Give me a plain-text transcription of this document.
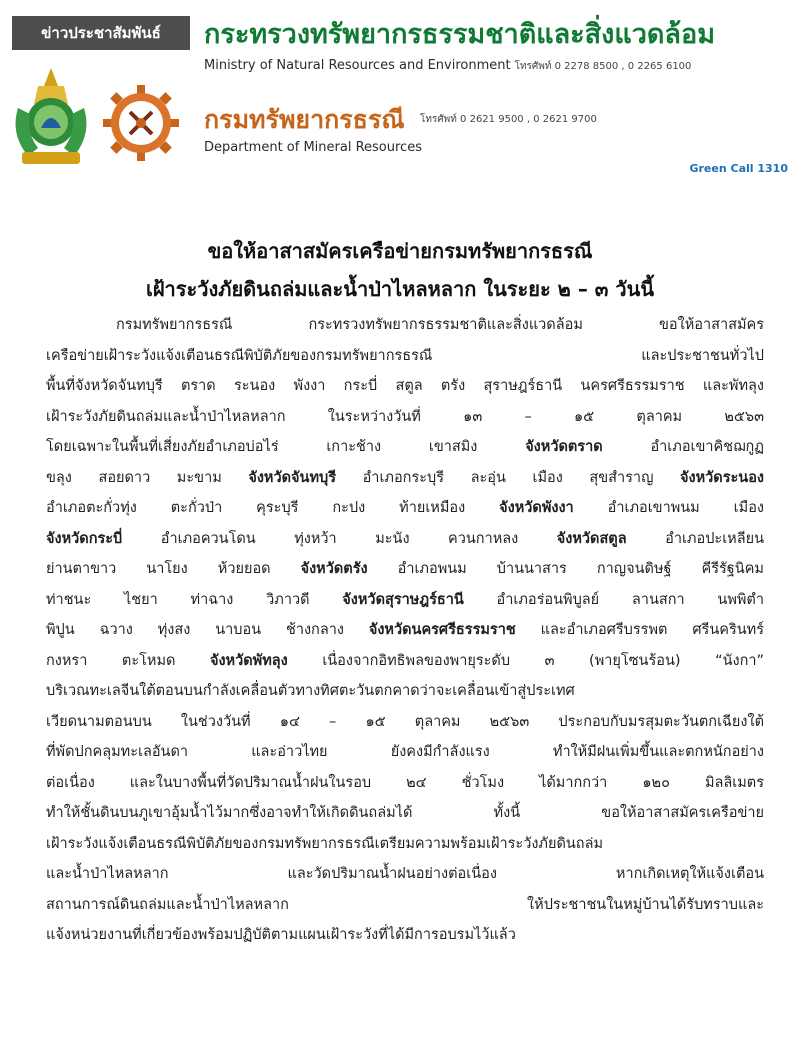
ข่าวประชาสัมพันธ์	กระทรวงทรัพยากรธรรมชาติและสิ่งแวดล้อม
Ministry of Natural Resources and Environment โทรศัพท์ 0 2278 8500 , 0 2265 6100
กรมทรัพยากรธรณี โทรศัพท์ 0 2621 9500 , 0 2621 9700
Department of Mineral Resources
Green Call 1310
ขอให้อาสาสมัครเครือข่ายกรมทรัพยากรธรณี
เฝ้าระวังภัยดินถล่มและน้ำป่าไหลหลาก ในระยะ ๒ – ๓ วันนี้
กรมทรัพยากรธรณี กระทรวงทรัพยากรธรรมชาติและสิ่งแวดล้อม ขอให้อาสาสมัคร
เครือข่ายเฝ้าระวังแจ้งเตือนธรณีพิบัติภัยของกรมทรัพยากรธรณี และประชาชนทั่วไป
พื้นที่จังหวัดจันทบุรี ตราด ระนอง พังงา กระบี่ สตูล ตรัง สุราษฎร์ธานี นครศรีธรรมราช และพัทลุง
เฝ้าระวังภัยดินถล่มและน้ำป่าไหลหลาก ในระหว่างวันที่ ๑๓ – ๑๕ ตุลาคม ๒๕๖๓
โดยเฉพาะในพื้นที่เสี่ยงภัยอำเภอบ่อไร่ เกาะช้าง เขาสมิง จังหวัดตราด อำเภอเขาคิชฌกูฏ
ขลุง สอยดาว มะขาม จังหวัดจันทบุรี อำเภอกระบุรี ละอุ่น เมือง สุขสำราญ จังหวัดระนอง
อำเภอตะกั่วทุ่ง ตะกั่วป่า คุระบุรี กะปง ท้ายเหมือง จังหวัดพังงา อำเภอเขาพนม เมือง
จังหวัดกระบี่ อำเภอควนโดน ทุ่งหว้า มะนัง ควนกาหลง จังหวัดสตูล อำเภอปะเหลียน
ย่านตาขาว นาโยง ห้วยยอด จังหวัดตรัง อำเภอพนม บ้านนาสาร กาญจนดิษฐ์ คีรีรัฐนิคม
ท่าชนะ ไชยา ท่าฉาง วิภาวดี จังหวัดสุราษฎร์ธานี อำเภอร่อนพิบูลย์ ลานสกา นพพิตำ
พิปูน ฉวาง ทุ่งสง นาบอน ช้างกลาง จังหวัดนครศรีธรรมราช และอำเภอศรีบรรพต ศรีนครินทร์
กงหรา ตะโหมด จังหวัดพัทลุง เนื่องจากอิทธิพลของพายุระดับ ๓ (พายุโซนร้อน) “นังกา”
บริเวณทะเลจีนใต้ตอนบนกำลังเคลื่อนตัวทางทิศตะวันตกคาดว่าจะเคลื่อนเข้าสู่ประเทศ
เวียดนามตอนบน ในช่วงวันที่ ๑๔ – ๑๕ ตุลาคม ๒๕๖๓ ประกอบกับมรสุมตะวันตกเฉียงใต้
ที่พัดปกคลุมทะเลอันดา และอ่าวไทย ยังคงมีกำลังแรง ทำให้มีฝนเพิ่มขึ้นและตกหนักอย่าง
ต่อเนื่อง และในบางพื้นที่วัดปริมาณน้ำฝนในรอบ ๒๔ ชั่วโมง ได้มากกว่า ๑๒๐ มิลลิเมตร
ทำให้ชั้นดินบนภูเขาอุ้มน้ำไว้มากซึ่งอาจทำให้เกิดดินถล่มได้ ทั้งนี้ ขอให้อาสาสมัครเครือข่าย
เฝ้าระวังแจ้งเตือนธรณีพิบัติภัยของกรมทรัพยากรธรณีเตรียมความพร้อมเฝ้าระวังภัยดินถล่ม
และน้ำป่าไหลหลาก และวัดปริมาณน้ำฝนอย่างต่อเนื่อง หากเกิดเหตุให้แจ้งเตือน
สถานการณ์ดินถล่มและน้ำป่าไหลหลาก ให้ประชาชนในหมู่บ้านได้รับทราบและ
แจ้งหน่วยงานที่เกี่ยวข้องพร้อมปฏิบัติตามแผนเฝ้าระวังที่ได้มีการอบรมไว้แล้ว
